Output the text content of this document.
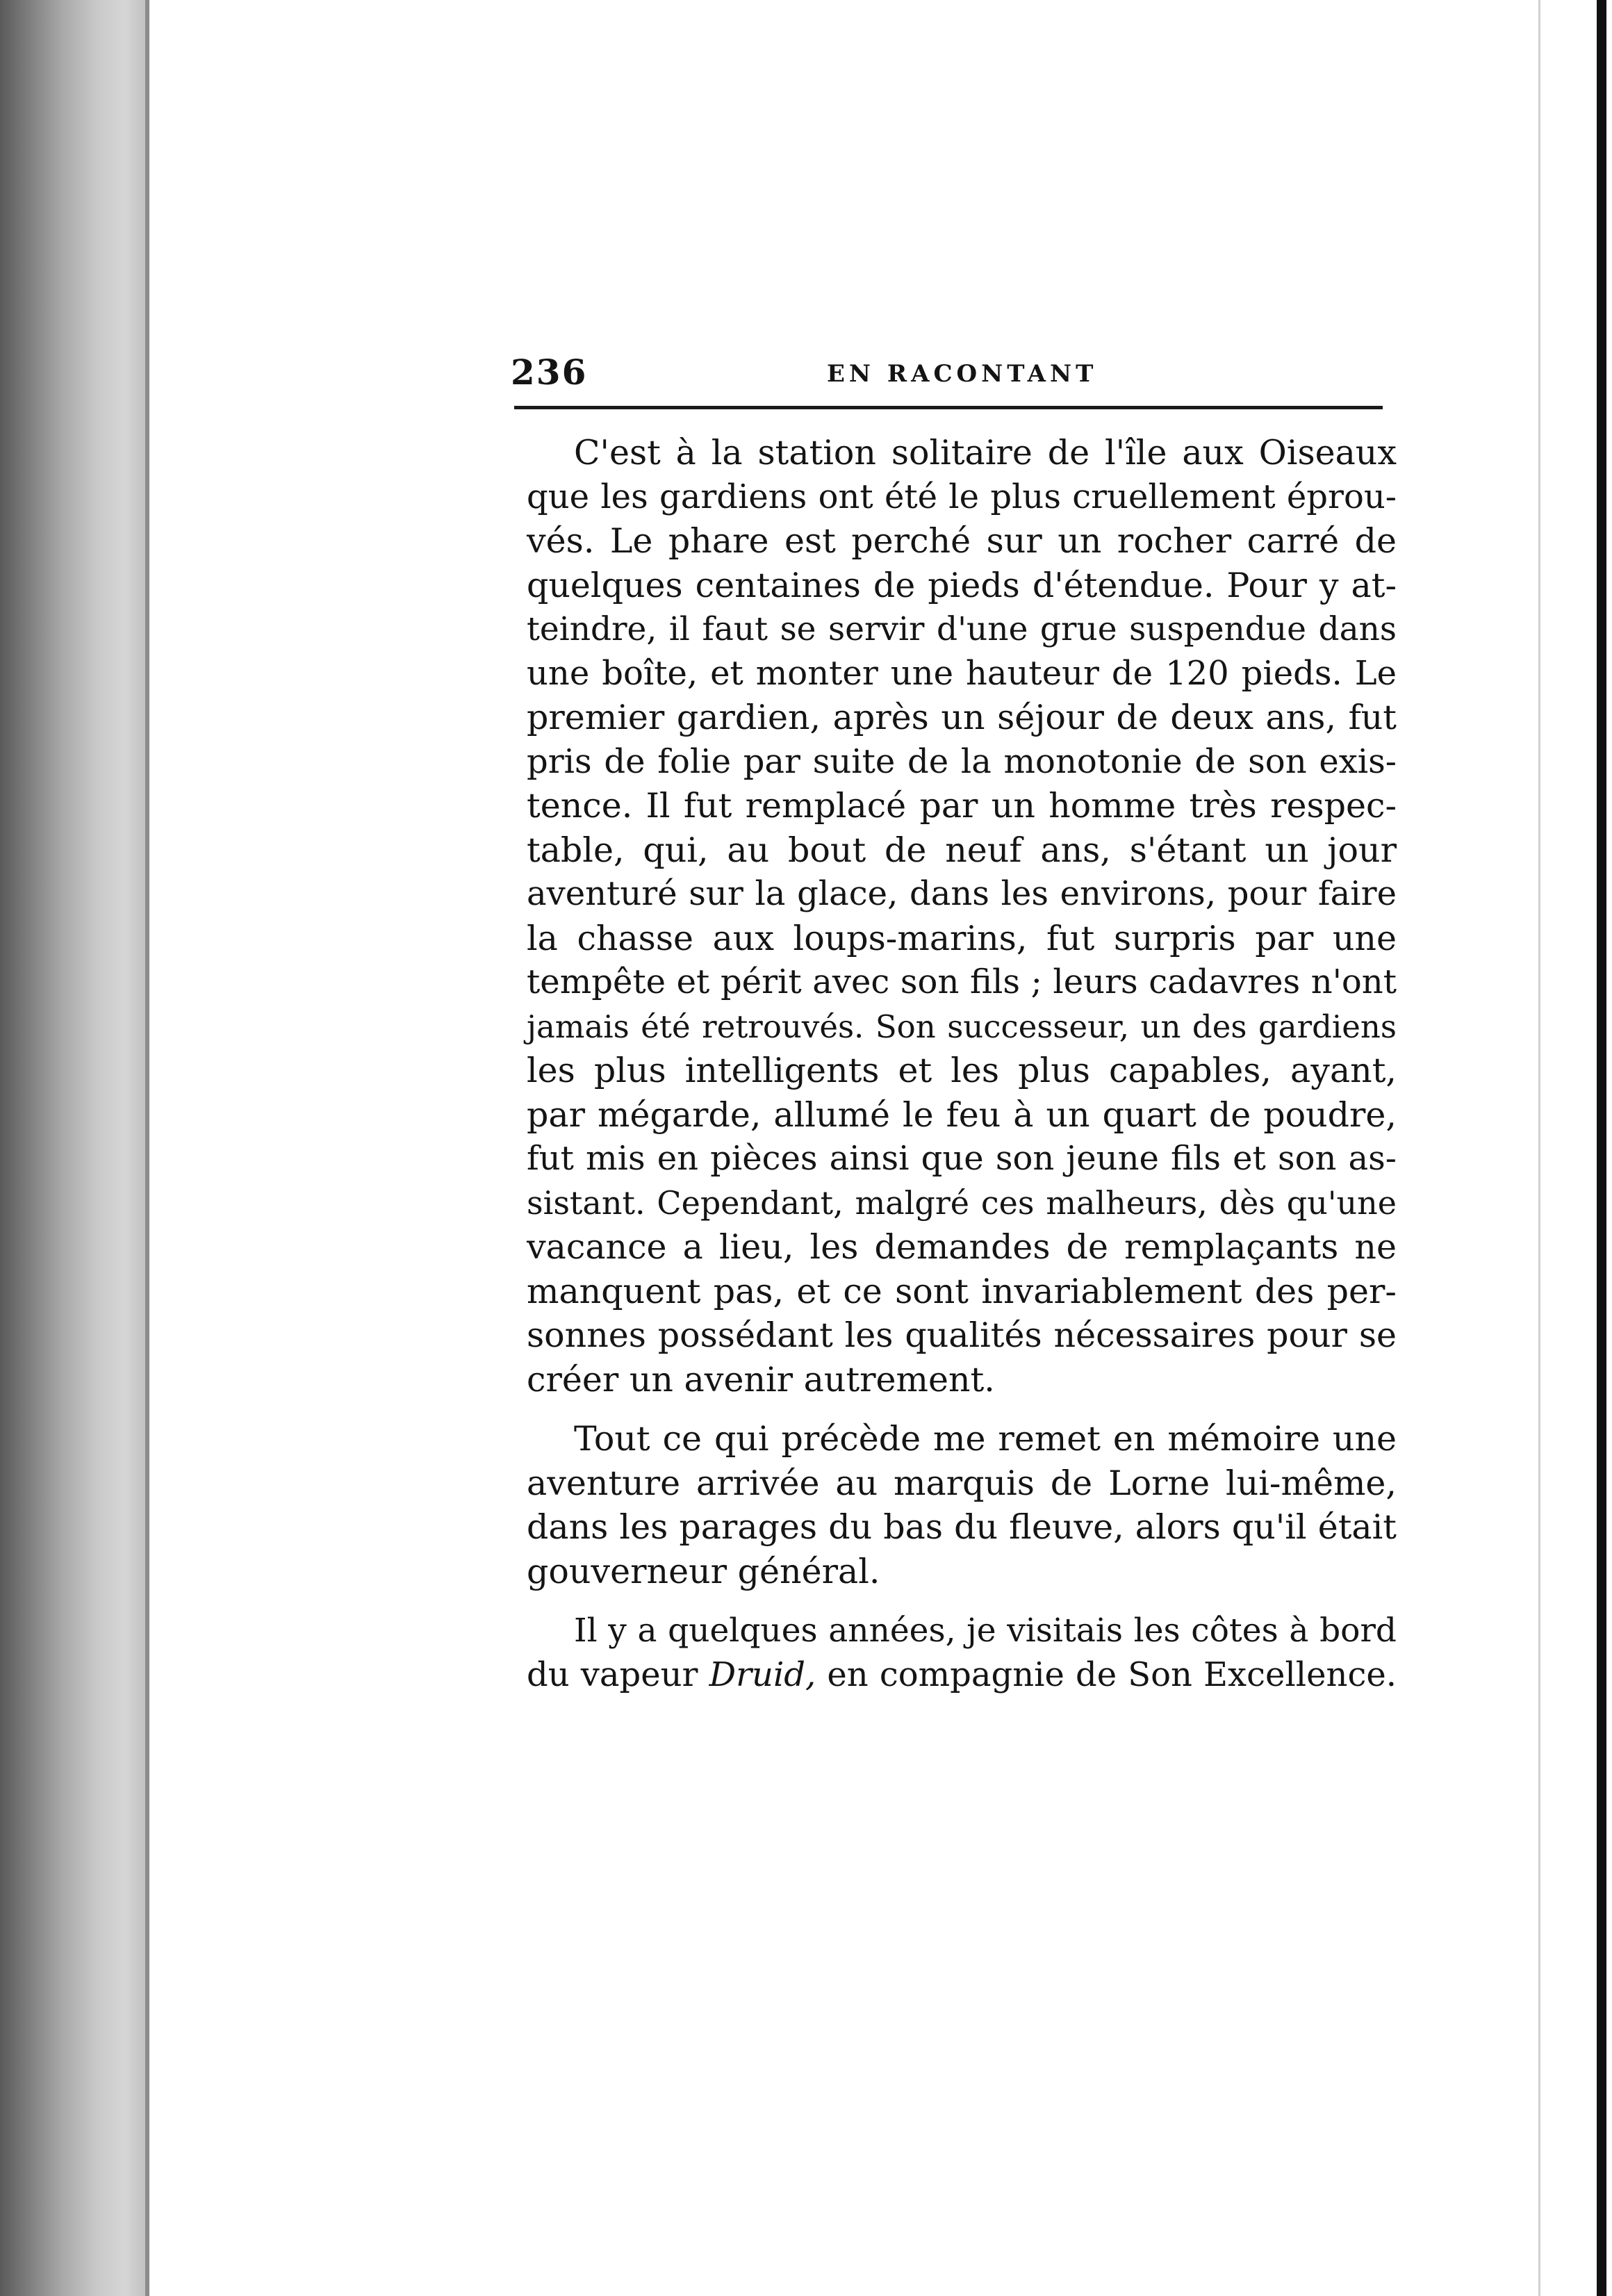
236	EN RACONTANT
C'est à la station solitaire de l'île aux Oiseaux
que les gardiens ont été le plus cruellement éprou-
vés. Le phare est perché sur un rocher carré de
quelques centaines de pieds d'étendue. Pour y at-
teindre, il faut se servir d'une grue suspendue dans
une boîte, et monter une hauteur de 120 pieds. Le
premier gardien, après un séjour de deux ans, fut
pris de folie par suite de la monotonie de son exis-
tence. Il fut remplacé par un homme très respec-
table, qui, au bout de neuf ans, s'étant un jour
aventuré sur la glace, dans les environs, pour faire
la chasse aux loups-marins, fut surpris par une
tempête et périt avec son fils ; leurs cadavres n'ont
jamais été retrouvés. Son successeur, un des gardiens
les plus intelligents et les plus capables, ayant,
par mégarde, allumé le feu à un quart de poudre,
fut mis en pièces ainsi que son jeune fils et son as-
sistant. Cependant, malgré ces malheurs, dès qu'une
vacance a lieu, les demandes de remplaçants ne
manquent pas, et ce sont invariablement des per-
sonnes possédant les qualités nécessaires pour se
créer un avenir autrement.
Tout ce qui précède me remet en mémoire une
aventure arrivée au marquis de Lorne lui-même,
dans les parages du bas du fleuve, alors qu'il était
gouverneur général.
Il y a quelques années, je visitais les côtes à bord
du vapeur Druid, en compagnie de Son Excellence.
